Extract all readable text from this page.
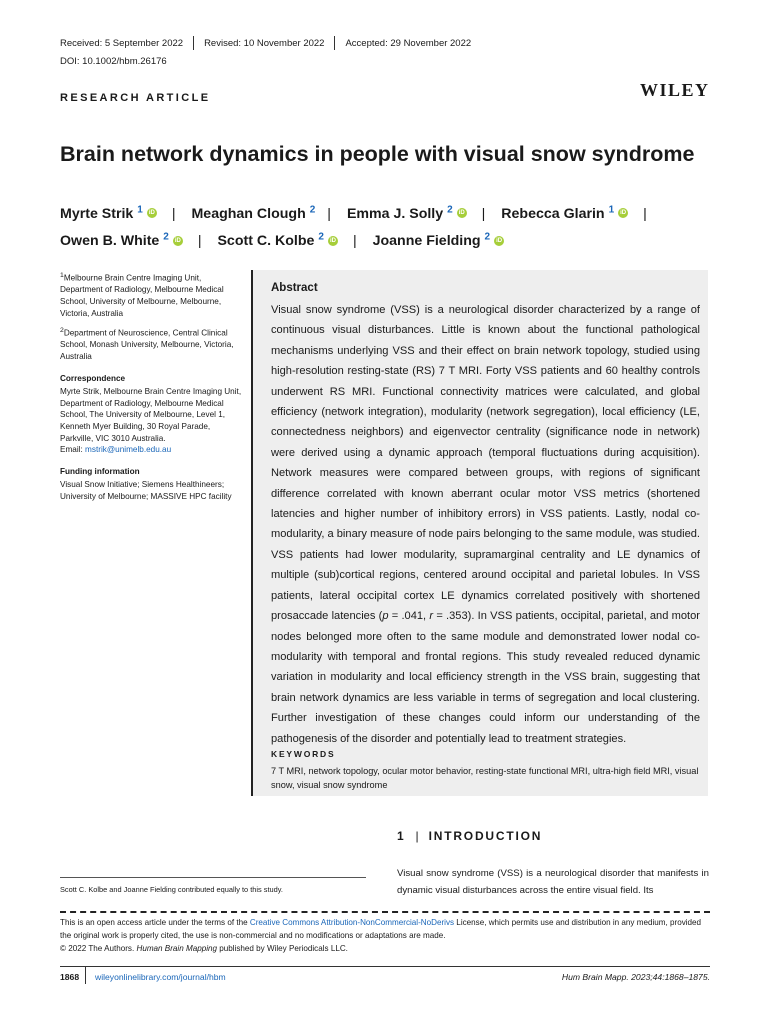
Received: 5 September 2022 Revised: 10 November 2022 Accepted: 29 November 2022
DOI: 10.1002/hbm.26176
RESEARCH ARTICLE	WILEY
Brain network dynamics in people with visual snow syndrome
Myrte Strik $^1$ iD | Meaghan Clough $^2$ | Emma J. Solly $^2$ iD | Rebecca Glarin $^1$ iD |
Owen B. White $^2$ iD | Scott C. Kolbe $^2$ iD | Joanne Fielding $^2$ iD

$^1$Melbourne Brain Centre Imaging Unit, Department of Radiology, Melbourne Medical School, University of Melbourne, Melbourne, Victoria, Australia

$^2$Department of Neuroscience, Central Clinical School, Monash University, Melbourne, Victoria, Australia

Correspondence

Myrte Strik, Melbourne Brain Centre Imaging Unit, Department of Radiology, Melbourne Medical School, The University of Melbourne, Level 1, Kenneth Myer Building, 30 Royal Parade, Parkville, VIC 3010 Australia.
Email: mstrik@unimelb.edu.au

Funding information

Visual Snow Initiative; Siemens Healthineers; University of Melbourne; MASSIVE HPC facility

Abstract
Visual snow syndrome (VSS) is a neurological disorder characterized by a range of continuous visual disturbances. Little is known about the functional pathological mechanisms underlying VSS and their effect on brain network topology, studied using high-resolution resting-state (RS) 7 T MRI. Forty VSS patients and 60 healthy controls underwent RS MRI. Functional connectivity matrices were calculated, and global efficiency (network integration), modularity (network segregation), local efficiency (LE, connectedness neighbors) and eigenvector centrality (significance node in network) were derived using a dynamic approach (temporal fluctuations during acquisition). Network measures were compared between groups, with regions of significant difference correlated with known aberrant ocular motor VSS metrics (shortened latencies and higher number of inhibitory errors) in VSS patients. Lastly, nodal co-modularity, a binary measure of node pairs belonging to the same module, was studied. VSS patients had lower modularity, supramarginal centrality and LE dynamics of multiple (sub)cortical regions, centered around occipital and parietal lobules. In VSS patients, lateral occipital cortex LE dynamics correlated positively with shortened prosaccade latencies (p = .041, r = .353). In VSS patients, occipital, parietal, and motor nodes belonged more often to the same module and demonstrated lower nodal co-modularity with temporal and frontal regions. This study revealed reduced dynamic variation in modularity and local efficiency strength in the VSS brain, suggesting that brain network dynamics are less variable in terms of segregation and local clustering. Further investigation of these changes could inform our understanding of the pathogenesis of the disorder and potentially lead to treatment strategies.
KEYWORDS
7 T MRI, network topology, ocular motor behavior, resting-state functional MRI, ultra-high field MRI, visual snow, visual snow syndrome
1 | INTRODUCTION
Visual snow syndrome (VSS) is a neurological disorder that manifests in dynamic visual disturbances across the entire visual field. Its
Scott C. Kolbe and Joanne Fielding contributed equally to this study.
This is an open access article under the terms of the Creative Commons Attribution-NonCommercial-NoDerivs License, which permits use and distribution in any medium, provided the original work is properly cited, the use is non-commercial and no modifications or adaptations are made.
© 2022 The Authors. Human Brain Mapping published by Wiley Periodicals LLC.
1868 wileyonlinelibrary.com/journal/hbm	Hum Brain Mapp. 2023;44:1868–1875.
